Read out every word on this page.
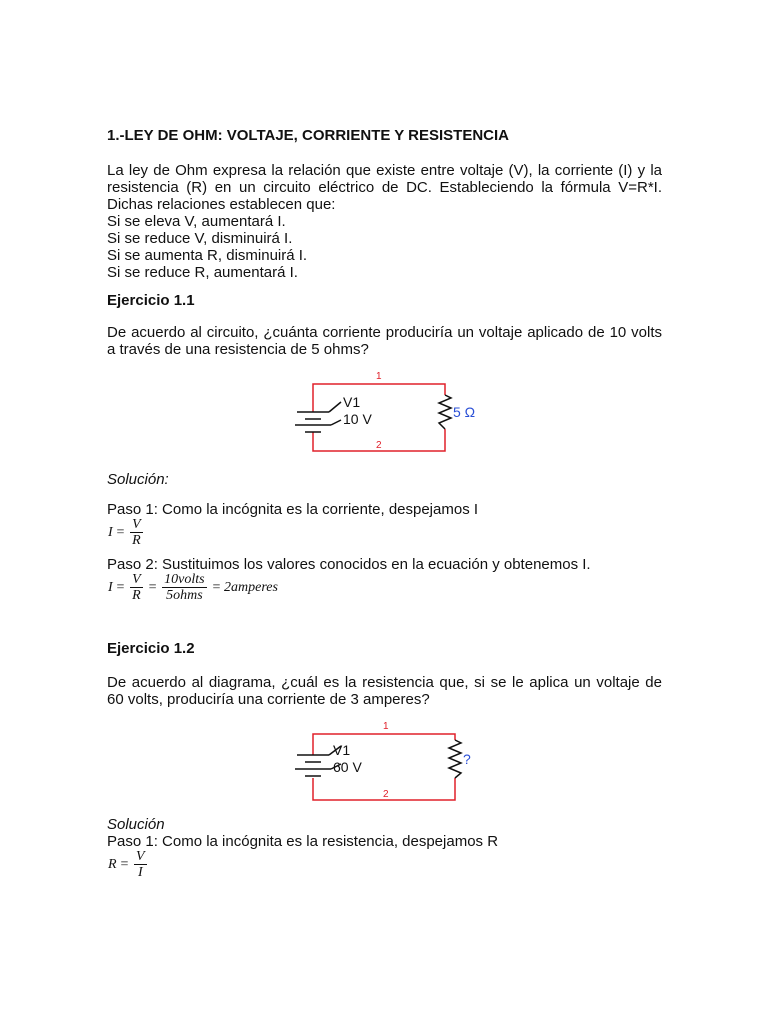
1.-LEY DE OHM: VOLTAJE, CORRIENTE Y RESISTENCIA
La ley de Ohm expresa la relación que existe entre voltaje (V), la corriente (I) y la
resistencia (R) en un circuito eléctrico de DC. Estableciendo la fórmula V=R*I.
Dichas relaciones establecen que:
Si se eleva V, aumentará I.
Si se reduce V, disminuirá I.
Si se aumenta R, disminuirá I.
Si se reduce R, aumentará I.
Ejercicio 1.1
De acuerdo al circuito, ¿cuánta corriente produciría un voltaje aplicado de 10 volts
a través de una resistencia de 5 ohms?
V1
10 V	5 Ω
1
2
Solución:
Paso 1: Como la incógnita es la corriente, despejamos I
$I = \frac{V}{R}$
Paso 2: Sustituimos los valores conocidos en la ecuación y obtenemos I.
$I = \frac{V}{R} = \frac{\text{10volts}}{\text{5ohms}}$ = 2amperes
Ejercicio 1.2
De acuerdo al diagrama, ¿cuál es la resistencia que, si se le aplica un voltaje de
60 volts, produciría una corriente de 3 amperes?
V1
60 V	?
1
2
Solución
Paso 1: Como la incógnita es la resistencia, despejamos R
$R = \frac{V}{I}$
